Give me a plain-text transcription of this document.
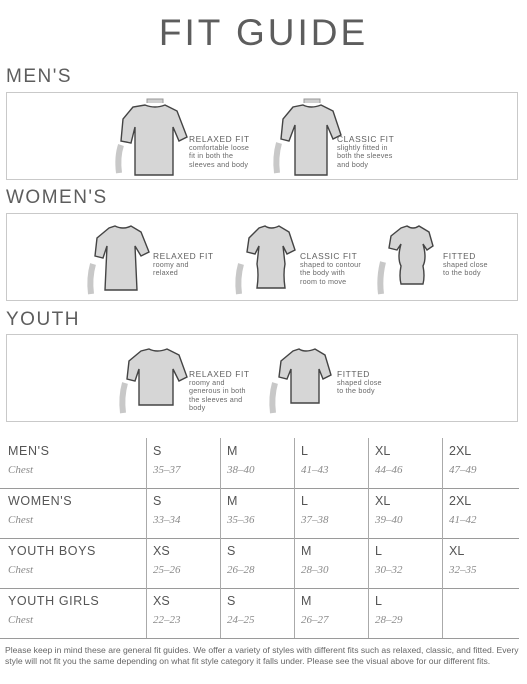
FIT GUIDE
MEN'S
RELAXED FIT
comfortable loose
fit in both the
sleeves and body
CLASSIC FIT
slightly fitted in
both the sleeves
and body
WOMEN'S
RELAXED FIT
roomy and
relaxed
CLASSIC FIT
shaped to contour
the body with
room to move
FITTED
shaped close
to the body
YOUTH
RELAXED FIT
roomy and
generous in both
the sleeves and
body
FITTED
shaped close
to the body
MEN'S
Chest
S
35–37
M
38–40
L
41–43
XL
44–46
2XL
47–49
WOMEN'S
Chest
S
33–34
M
35–36
L
37–38
XL
39–40
2XL
41–42
YOUTH BOYS
Chest
XS
25–26
S
26–28
M
28–30
L
30–32
XL
32–35
YOUTH GIRLS
Chest
XS
22–23
S
24–25
M
26–27
L
28–29
Please keep in mind these are general fit guides. We offer a variety of styles with different fits such as relaxed, classic, and fitted. Every style will not fit you the same depending on what fit style category it falls under. Please see the visual above for our different fits.
